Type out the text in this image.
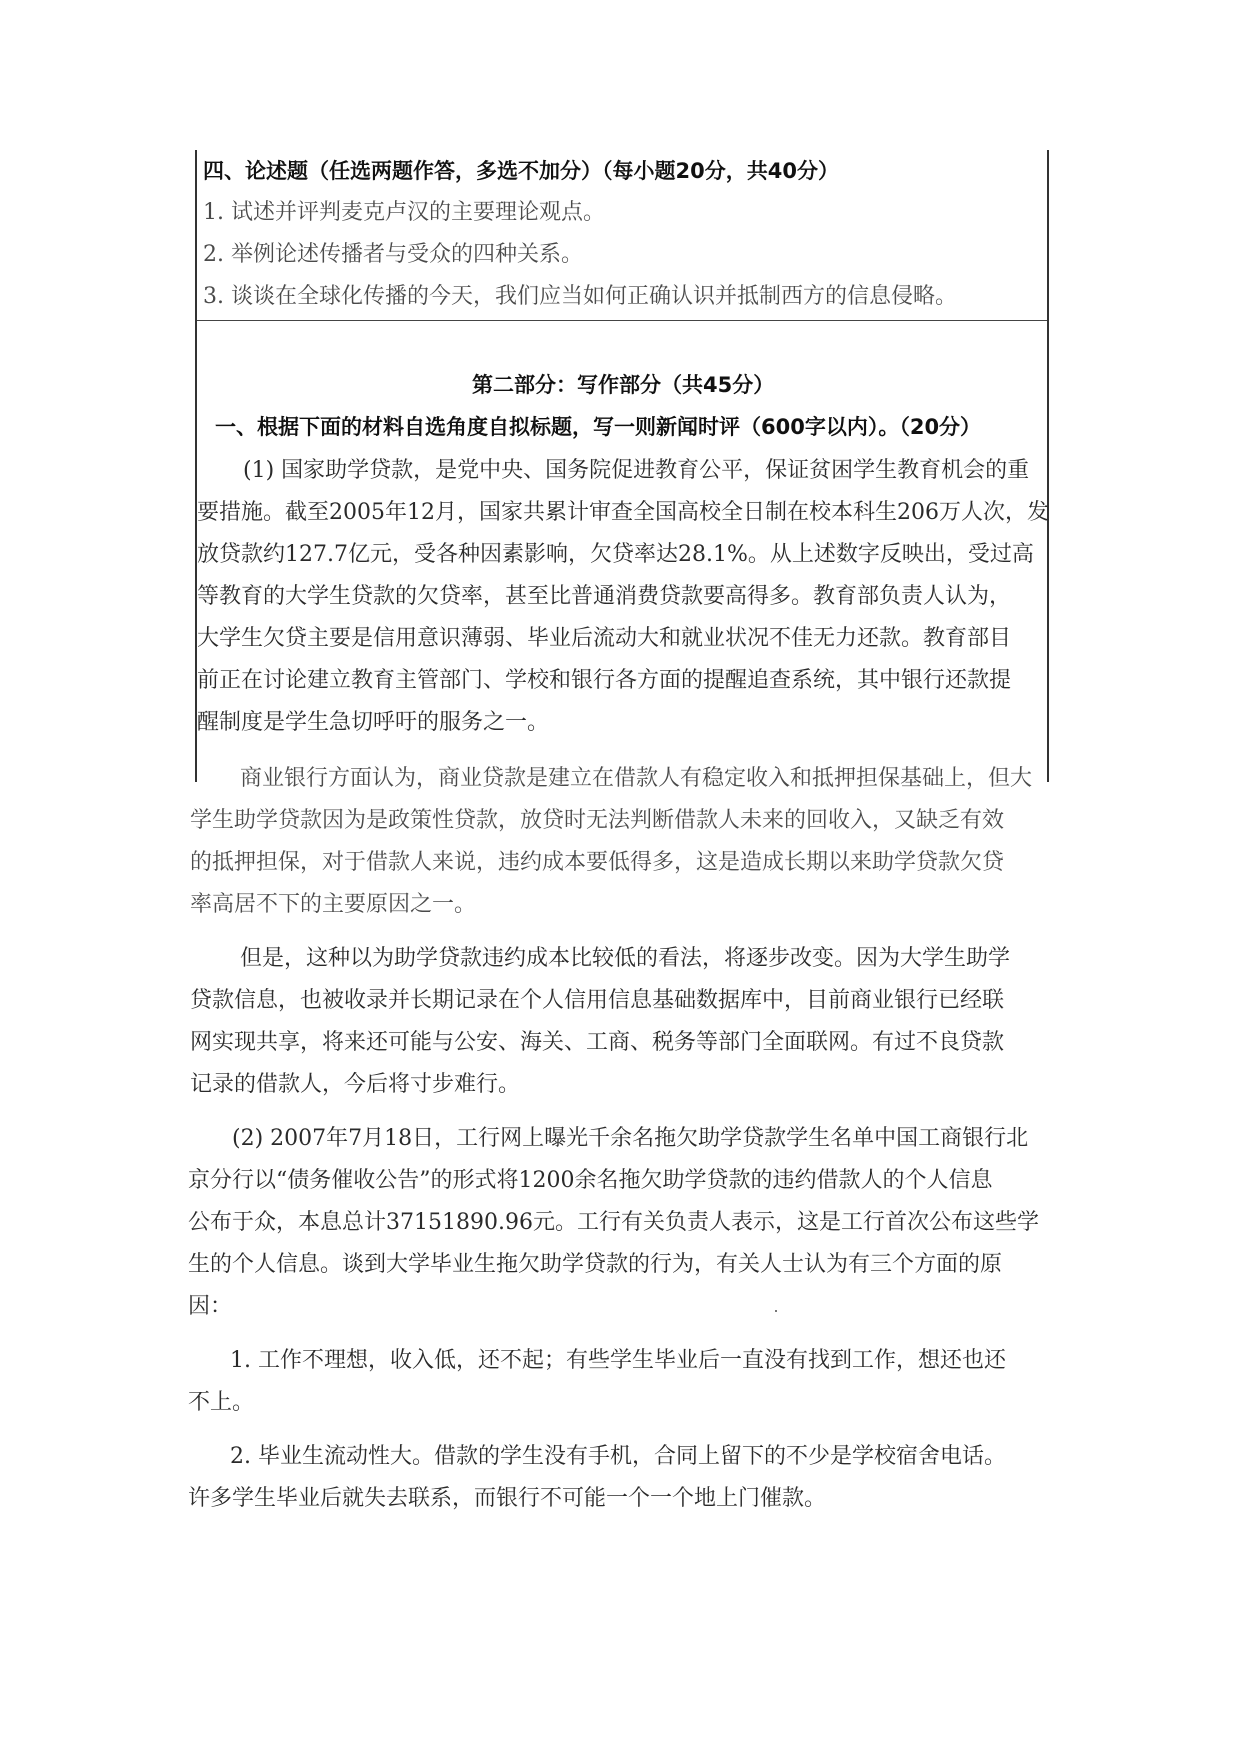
四、论述题（任选两题作答，多选不加分）（每小题20分，共40分）
1. 试述并评判麦克卢汉的主要理论观点。
2. 举例论述传播者与受众的四种关系。
3. 谈谈在全球化传播的今天，我们应当如何正确认识并抵制西方的信息侵略。
第二部分：写作部分（共45分）
一、根据下面的材料自选角度自拟标题，写一则新闻时评（600字以内）。（20分）
(1) 国家助学贷款，是党中央、国务院促进教育公平，保证贫困学生教育机会的重
要措施。截至2005年12月，国家共累计审查全国高校全日制在校本科生206万人次，发
放贷款约127.7亿元，受各种因素影响，欠贷率达28.1%。从上述数字反映出，受过高
等教育的大学生贷款的欠贷率，甚至比普通消费贷款要高得多。教育部负责人认为，
大学生欠贷主要是信用意识薄弱、毕业后流动大和就业状况不佳无力还款。教育部目
前正在讨论建立教育主管部门、学校和银行各方面的提醒追查系统，其中银行还款提
醒制度是学生急切呼吁的服务之一。
商业银行方面认为，商业贷款是建立在借款人有稳定收入和抵押担保基础上，但大
学生助学贷款因为是政策性贷款，放贷时无法判断借款人未来的回收入，又缺乏有效
的抵押担保，对于借款人来说，违约成本要低得多，这是造成长期以来助学贷款欠贷
率高居不下的主要原因之一。
但是，这种以为助学贷款违约成本比较低的看法，将逐步改变。因为大学生助学
贷款信息，也被收录并长期记录在个人信用信息基础数据库中，目前商业银行已经联
网实现共享，将来还可能与公安、海关、工商、税务等部门全面联网。有过不良贷款
记录的借款人，今后将寸步难行。
(2) 2007年7月18日，工行网上曝光千余名拖欠助学贷款学生名单中国工商银行北
京分行以“债务催收公告”的形式将1200余名拖欠助学贷款的违约借款人的个人信息
公布于众，本息总计37151890.96元。工行有关负责人表示，这是工行首次公布这些学
生的个人信息。谈到大学毕业生拖欠助学贷款的行为，有关人士认为有三个方面的原
因：
1. 工作不理想，收入低，还不起；有些学生毕业后一直没有找到工作，想还也还
不上。
2. 毕业生流动性大。借款的学生没有手机，合同上留下的不少是学校宿舍电话。
许多学生毕业后就失去联系，而银行不可能一个一个地上门催款。
